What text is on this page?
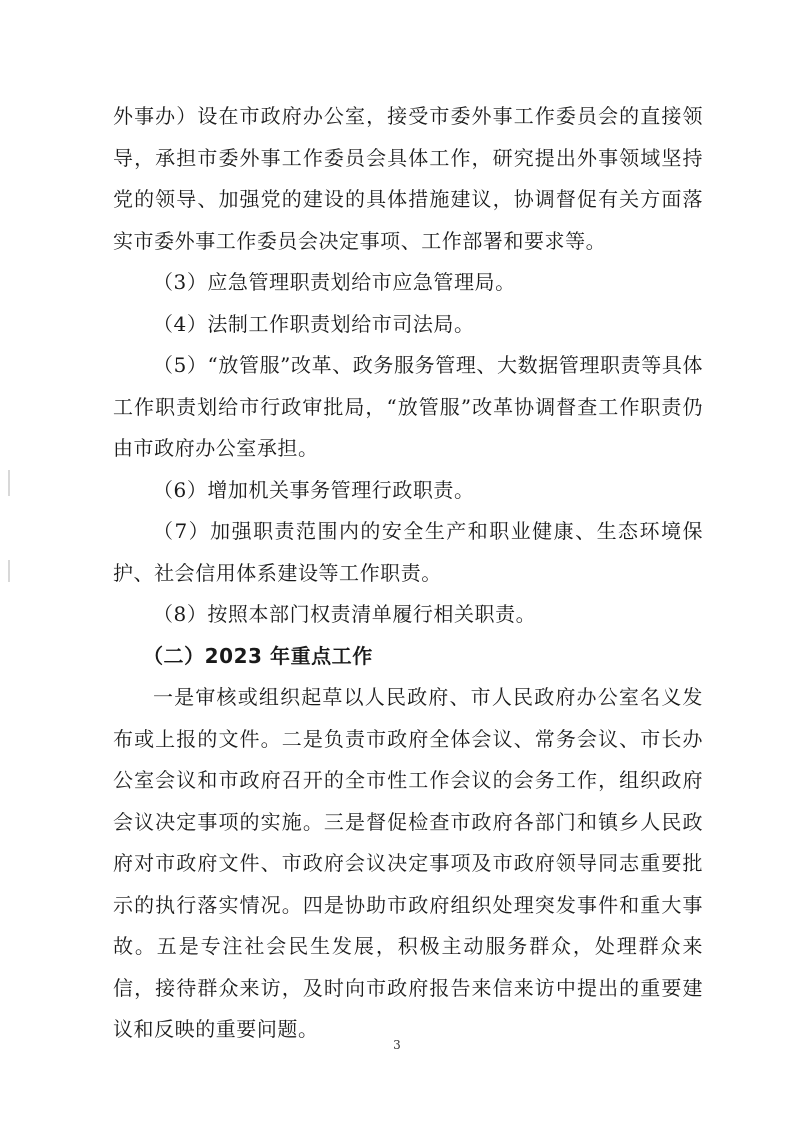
外事办）设在市政府办公室，接受市委外事工作委员会的直接领导，承担市委外事工作委员会具体工作，研究提出外事领域坚持党的领导、加强党的建设的具体措施建议，协调督促有关方面落实市委外事工作委员会决定事项、工作部署和要求等。

（3）应急管理职责划给市应急管理局。

（4）法制工作职责划给市司法局。

（5）“放管服”改革、政务服务管理、大数据管理职责等具体工作职责划给市行政审批局，“放管服”改革协调督查工作职责仍由市政府办公室承担。

（6）增加机关事务管理行政职责。

（7）加强职责范围内的安全生产和职业健康、生态环境保护、社会信用体系建设等工作职责。

（8）按照本部门权责清单履行相关职责。

（二）2023 年重点工作

一是审核或组织起草以人民政府、市人民政府办公室名义发布或上报的文件。二是负责市政府全体会议、常务会议、市长办公室会议和市政府召开的全市性工作会议的会务工作，组织政府会议决定事项的实施。三是督促检查市政府各部门和镇乡人民政府对市政府文件、市政府会议决定事项及市政府领导同志重要批示的执行落实情况。四是协助市政府组织处理突发事件和重大事故。五是专注社会民生发展，积极主动服务群众，处理群众来信，接待群众来访，及时向市政府报告来信来访中提出的重要建议和反映的重要问题。

3
